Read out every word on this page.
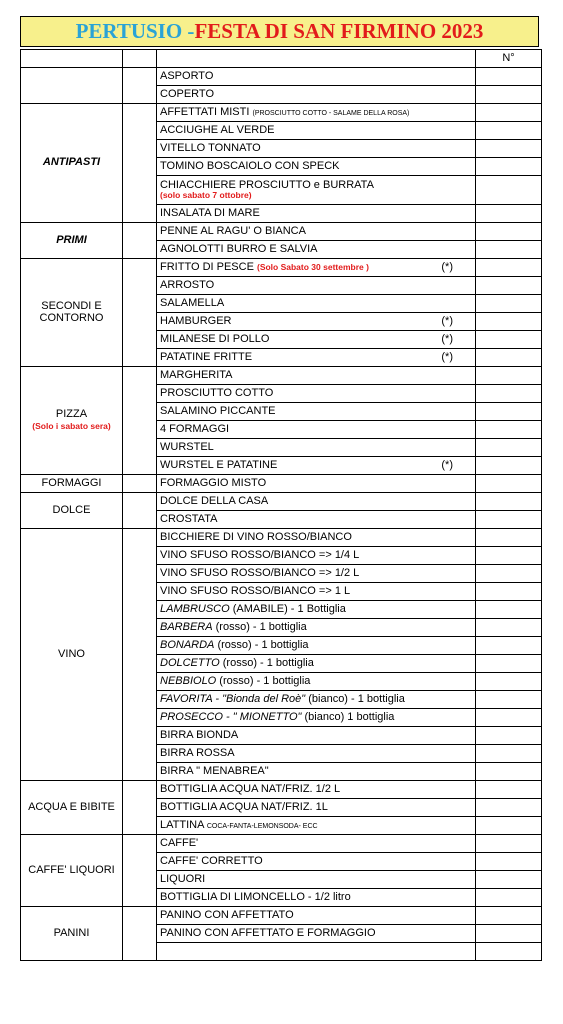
PERTUSIO - FESTA DI SAN FIRMINO 2023
			N°

		ASPORTO	

		COPERTO	

ANTIPASTI		AFFETTATI MISTI (PROSCIUTTO COTTO - SALAME DELLA ROSA)	

		ACCIUGHE AL VERDE	

		VITELLO TONNATO	

		TOMINO BOSCAIOLO CON SPECK	

		CHIACCHIERE PROSCIUTTO e BURRATA
(solo sabato 7 ottobre)	

		INSALATA DI MARE	

PRIMI		PENNE AL RAGU' O BIANCA	

		AGNOLOTTI BURRO E SALVIA	

SECONDI E CONTORNO		FRITTO DI PESCE (Solo Sabato 30 settembre ) (*)	

		ARROSTO	

		SALAMELLA	

		HAMBURGER (*)	

		MILANESE DI POLLO (*)	

		PATATINE FRITTE (*)	

PIZZA
(Solo i sabato sera)		MARGHERITA	

		PROSCIUTTO COTTO	

		SALAMINO PICCANTE	

		4 FORMAGGI	

		WURSTEL	

		WURSTEL E PATATINE (*)	

FORMAGGI		FORMAGGIO MISTO	

DOLCE		DOLCE DELLA CASA	

		CROSTATA	

VINO		BICCHIERE DI VINO ROSSO/BIANCO	

		VINO SFUSO ROSSO/BIANCO => 1/4 L	

		VINO SFUSO ROSSO/BIANCO => 1/2 L	

		VINO SFUSO ROSSO/BIANCO => 1 L	

		LAMBRUSCO (AMABILE) - 1 Bottiglia	

		BARBERA (rosso) - 1 bottiglia	

		BONARDA (rosso) - 1 bottiglia	

		DOLCETTO (rosso) - 1 bottiglia	

		NEBBIOLO (rosso) - 1 bottiglia	

		FAVORITA - "Bionda del Roè" (bianco) - 1 bottiglia	

		PROSECCO - " MIONETTO" (bianco) 1 bottiglia	

		BIRRA BIONDA	

		BIRRA ROSSA	

		BIRRA " MENABREA"	

ACQUA E BIBITE		BOTTIGLIA ACQUA NAT/FRIZ. 1/2 L	

		BOTTIGLIA ACQUA NAT/FRIZ. 1L	

		LATTINA COCA-FANTA-LEMONSODA- ECC	

CAFFE' LIQUORI		CAFFE'	

		CAFFE' CORRETTO	

		LIQUORI	

		BOTTIGLIA DI LIMONCELLO - 1/2 litro	

PANINI		PANINO CON AFFETTATO	

		PANINO CON AFFETTATO E FORMAGGIO	
